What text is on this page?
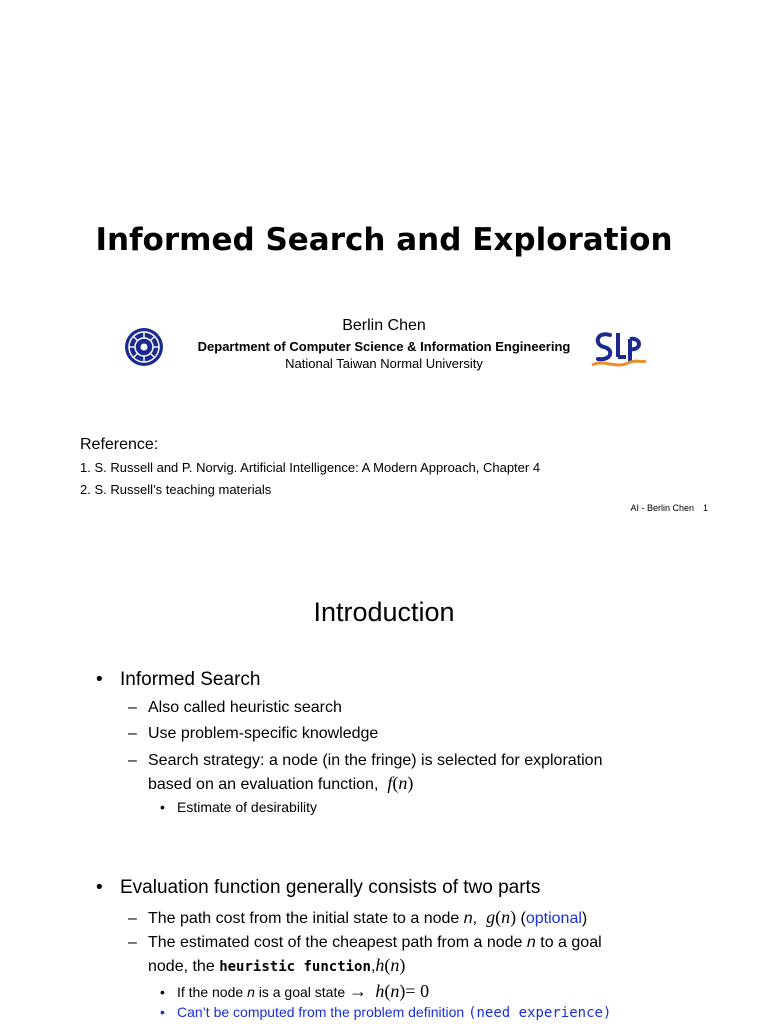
Informed Search and Exploration
SLP
Berlin Chen
Department of Computer Science & Information Engineering
National Taiwan Normal University
Reference:
1. S. Russell and P. Norvig. Artificial Intelligence: A Modern Approach, Chapter 4
2. S. Russell’s teaching materials
AI - Berlin Chen 1
Introduction
• Informed Search
– Also called heuristic search
– Use problem-specific knowledge
– Search strategy: a node (in the fringe) is selected for exploration
based on an evaluation function, f(n)
• Estimate of desirability
• Evaluation function generally consists of two parts
– The path cost from the initial state to a node n, g(n) (optional)
– The estimated cost of the cheapest path from a node n to a goal
node, the heuristic function,h(n)
• If the node n is a goal state → h(n)= 0
• Can’t be computed from the problem definition (need experience)
